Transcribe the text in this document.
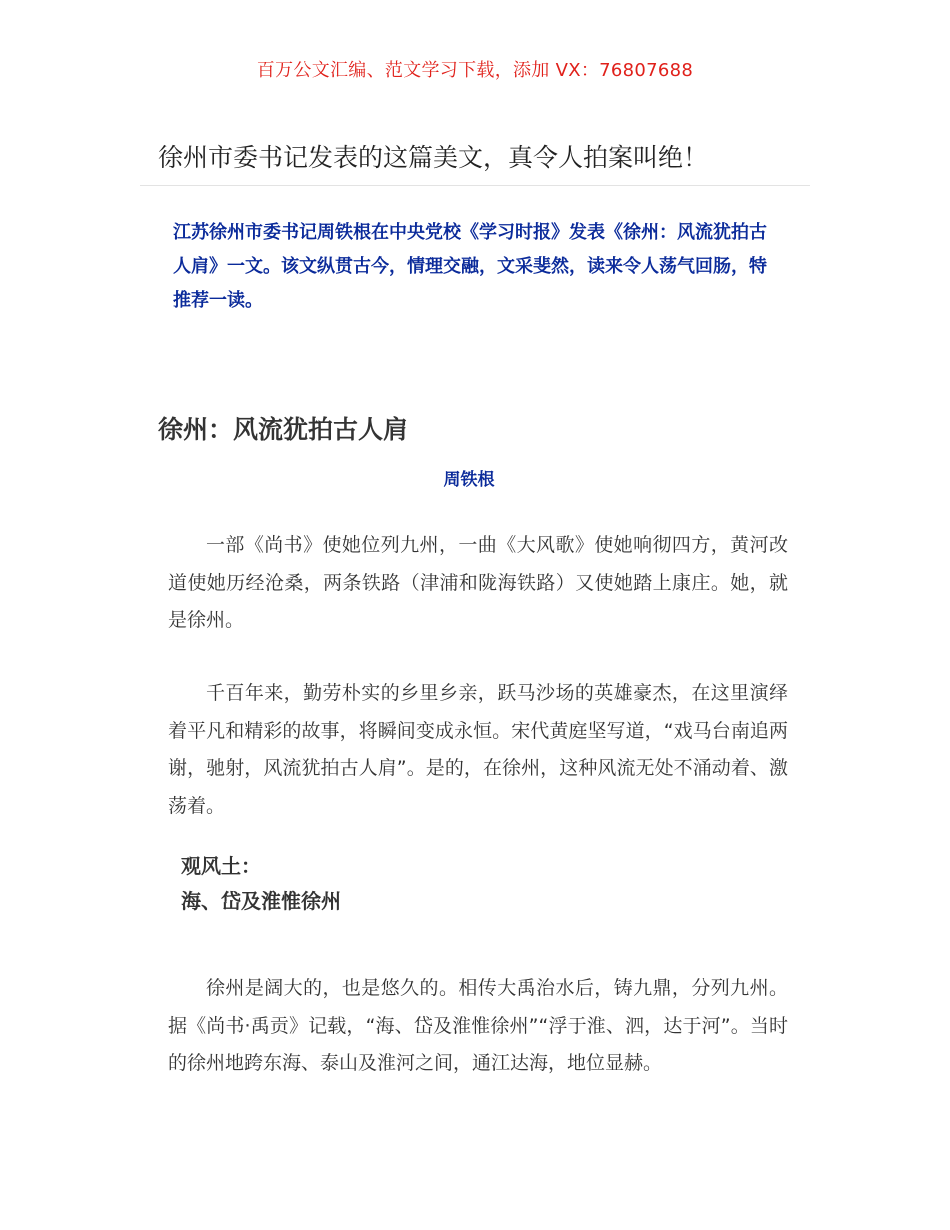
百万公文汇编、范文学习下载，添加 VX：76807688
徐州市委书记发表的这篇美文，真令人拍案叫绝！

江苏徐州市委书记周铁根在中央党校《学习时报》发表《徐州：风流犹拍古人肩》一文。该文纵贯古今，情理交融，文采斐然，读来令人荡气回肠，特推荐一读。

徐州：风流犹拍古人肩
周铁根

一部《尚书》使她位列九州，一曲《大风歌》使她响彻四方，黄河改道使她历经沧桑，两条铁路（津浦和陇海铁路）又使她踏上康庄。她，就是徐州。

千百年来，勤劳朴实的乡里乡亲，跃马沙场的英雄豪杰，在这里演绎着平凡和精彩的故事，将瞬间变成永恒。宋代黄庭坚写道，“戏马台南追两谢，驰射，风流犹拍古人肩”。是的，在徐州，这种风流无处不涌动着、激荡着。

观风土：
海、岱及淮惟徐州

徐州是阔大的，也是悠久的。相传大禹治水后，铸九鼎，分列九州。据《尚书·禹贡》记载，“海、岱及淮惟徐州”“浮于淮、泗，达于河”。当时的徐州地跨东海、泰山及淮河之间，通江达海，地位显赫。
